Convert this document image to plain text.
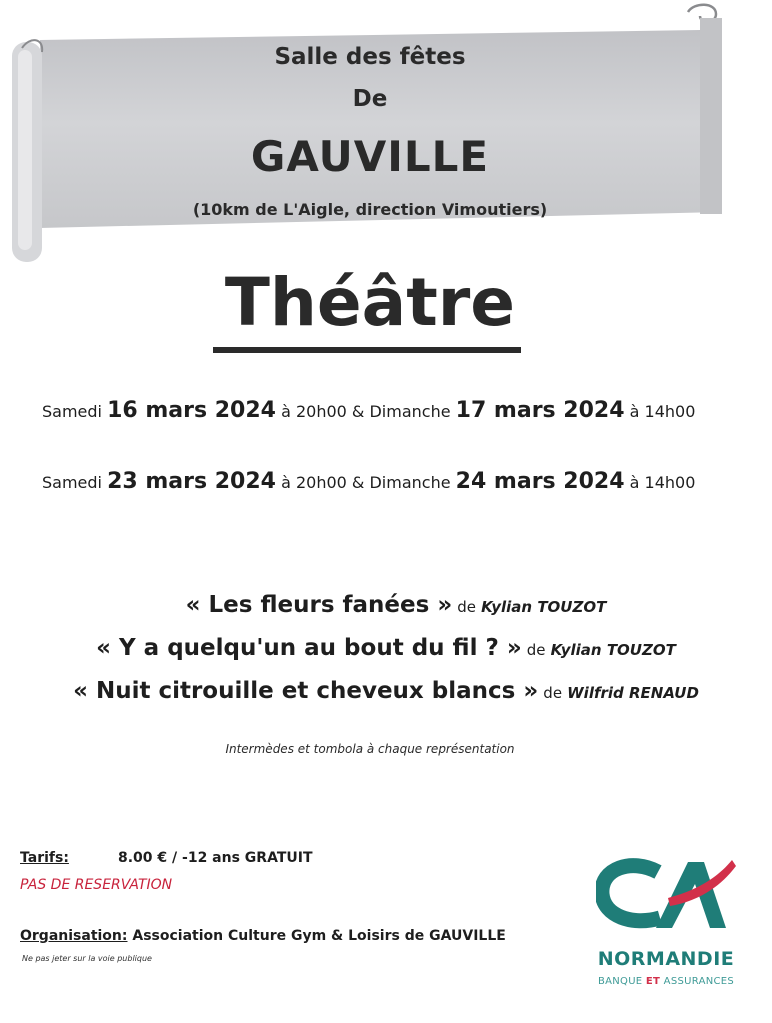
Salle des fêtes
De
GAUVILLE
(10km de L'Aigle, direction Vimoutiers)
Théâtre
Samedi 16 mars 2024 à 20h00 & Dimanche 17 mars 2024 à 14h00
Samedi 23 mars 2024 à 20h00 & Dimanche 24 mars 2024 à 14h00
« Les fleurs fanées » de Kylian TOUZOT
« Y a quelqu'un au bout du fil ? » de Kylian TOUZOT
« Nuit citrouille et cheveux blancs » de Wilfrid RENAUD
Intermèdes et tombola à chaque représentation
Tarifs:	8.00 € / -12 ans GRATUIT
PAS DE RESERVATION
Organisation: Association Culture Gym & Loisirs de GAUVILLE
Ne pas jeter sur la voie publique	NORMANDIE
BANQUE ET ASSURANCES
